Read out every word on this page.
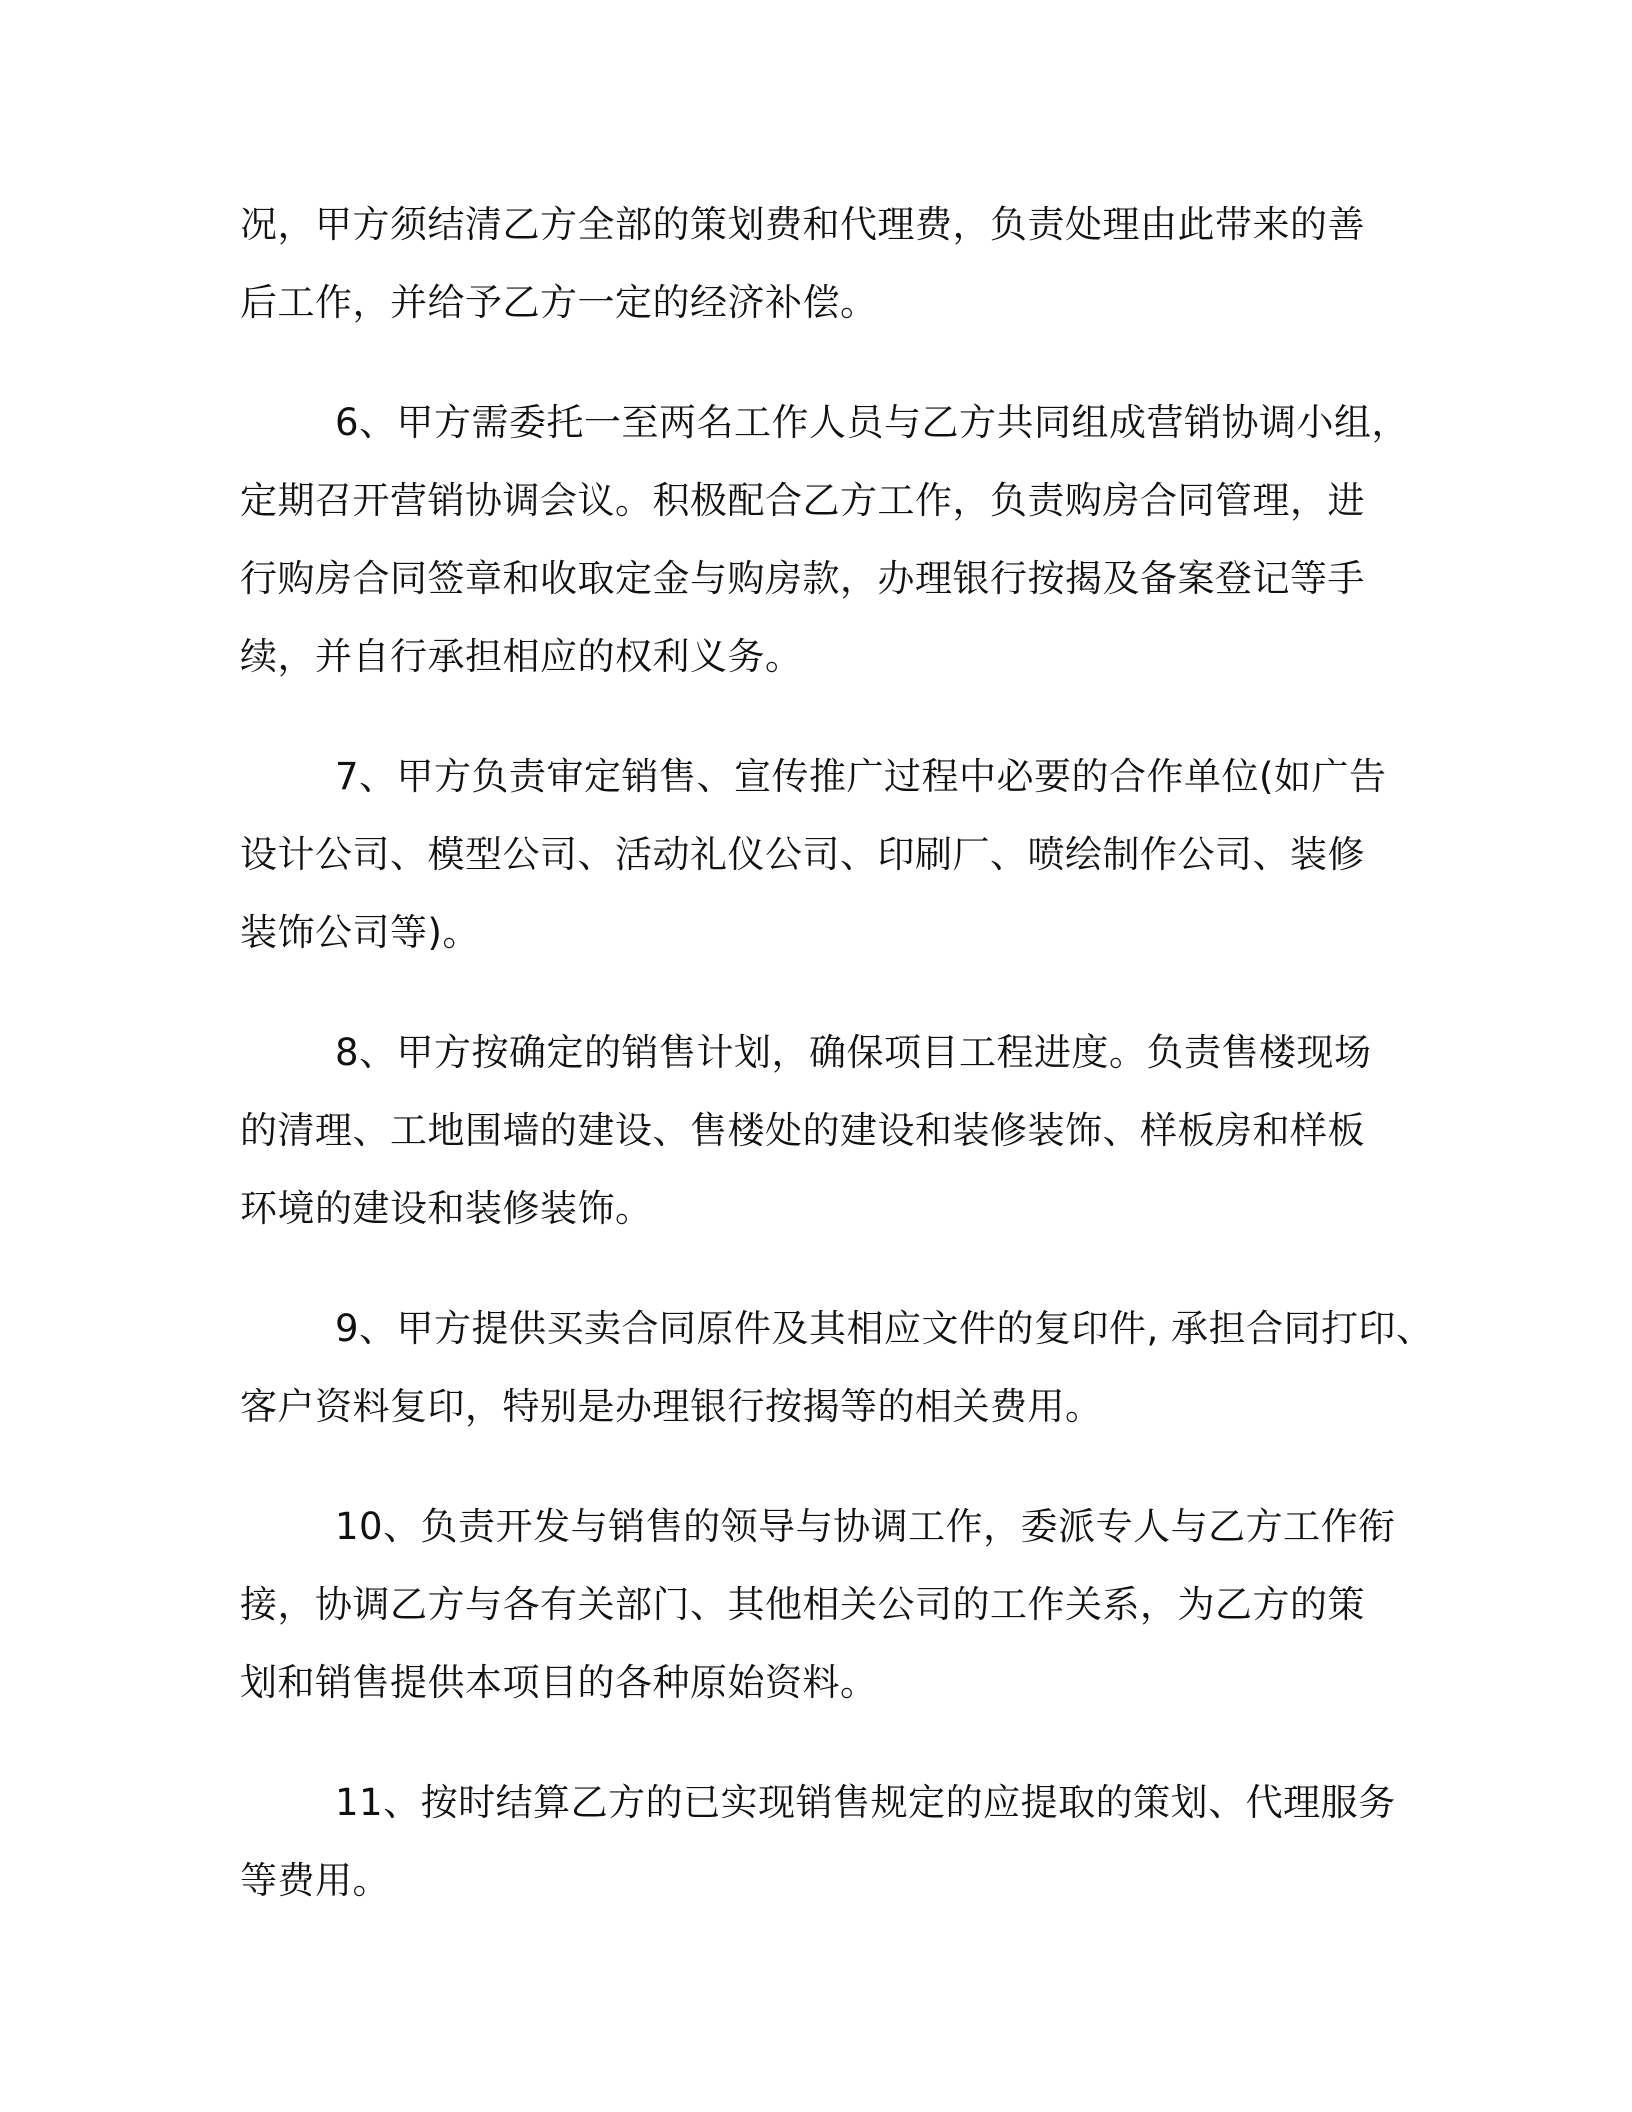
况，甲方须结清乙方全部的策划费和代理费，负责处理由此带来的善
后工作，并给予乙方一定的经济补偿。
6、甲方需委托一至两名工作人员与乙方共同组成营销协调小组，
定期召开营销协调会议。积极配合乙方工作，负责购房合同管理，进
行购房合同签章和收取定金与购房款，办理银行按揭及备案登记等手
续，并自行承担相应的权利义务。
7、甲方负责审定销售、宣传推广过程中必要的合作单位(如广告
设计公司、模型公司、活动礼仪公司、印刷厂、喷绘制作公司、装修
装饰公司等)。
8、甲方按确定的销售计划，确保项目工程进度。负责售楼现场
的清理、工地围墙的建设、售楼处的建设和装修装饰、样板房和样板
环境的建设和装修装饰。
9、甲方提供买卖合同原件及其相应文件的复印件, 承担合同打印、
客户资料复印，特别是办理银行按揭等的相关费用。
10、负责开发与销售的领导与协调工作，委派专人与乙方工作衔
接，协调乙方与各有关部门、其他相关公司的工作关系，为乙方的策
划和销售提供本项目的各种原始资料。
11、按时结算乙方的已实现销售规定的应提取的策划、代理服务
等费用。
